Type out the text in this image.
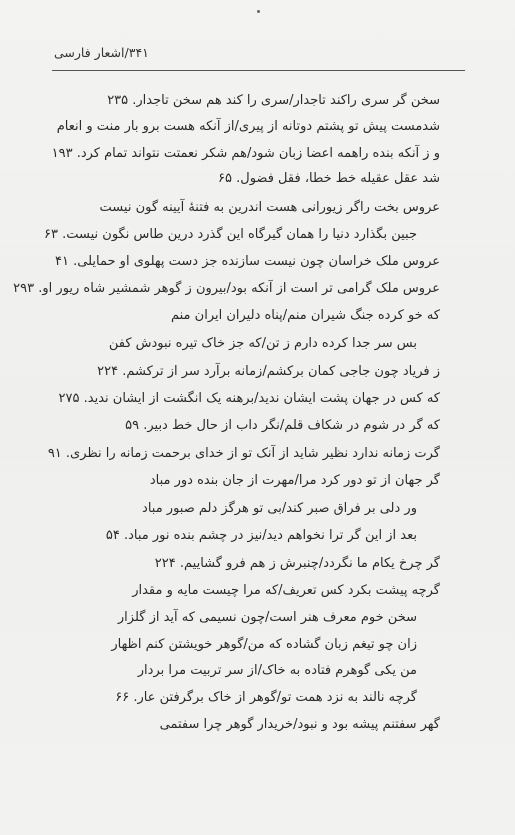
۳۴۱/اشعار فارسی
سخن گر سری راکند تاجدار/سری را کند هم سخن تاجدار. ۲۳۵
شدمست پیش تو پشتم دوتانه از پیری/از آنکه هست برو بار منت و انعام
و ز آنکه بنده راهمه اعضا زبان شود/هم شکر نعمتت نتواند تمام کرد. ۱۹۳
شد عقل عقیله خط خطا، فقل فضول. ۶۵
عروس بخت راگر زیورانی هست اندرین به فتنهٔ آیینه گون نیست
جبین بگذارد دنیا را همان گیرگاه این گذرد درین طاس نگون نیست. ۶۳
عروس ملک خراسان چون نیست سازنده جز دست پهلوی او حمایلی. ۴۱
عروس ملک گرامی تر است از آنکه بود/بیرون ز گوهر شمشیر شاه ریور او. ۲۹۳
که خو کرده جنگ شیران منم/پناه دلیران ایران منم
بس سر جدا کرده دارم ز تن/که جز خاک تیره نبودش کفن
ز فریاد چون جاجی کمان برکشم/زمانه برآرد سر از ترکشم. ۲۲۴
که کس در جهان پشت ایشان ندید/برهنه یک انگشت از ایشان ندید. ۲۷۵
که گر در شوم در شکاف قلم/نگر داب از حال خط دبیر. ۵۹
گرت زمانه ندارد نظیر شاید از آنک تو از خدای برحمت زمانه را نظری. ۹۱
گر جهان از تو دور کرد مرا/مهرت از جان بنده دور مباد
ور دلی بر فراق صبر کند/بی تو هرگز دلم صبور مباد
بعد از این گر ترا نخواهم دید/نیز در چشم بنده نور مباد. ۵۴
گر چرخ یکام ما نگردد/چنبرش ز هم فرو گشاییم. ۲۲۴
گرچه پیشت بکرد کس تعریف/که مرا چیست مایه و مقدار
سخن خوم معرف هنر است/چون نسیمی که آید از گلزار
زان چو تیغم زبان گشاده که من/گوهر خویشتن کنم اظهار
من یکی گوهرم فتاده به خاک/از سر تربیت مرا بردار
گرچه نالند به نزد همت تو/گوهر از خاک برگرفتن عار. ۶۶
گهر سفتنم پیشه بود و نبود/خریدار گوهر چرا سفتمی
